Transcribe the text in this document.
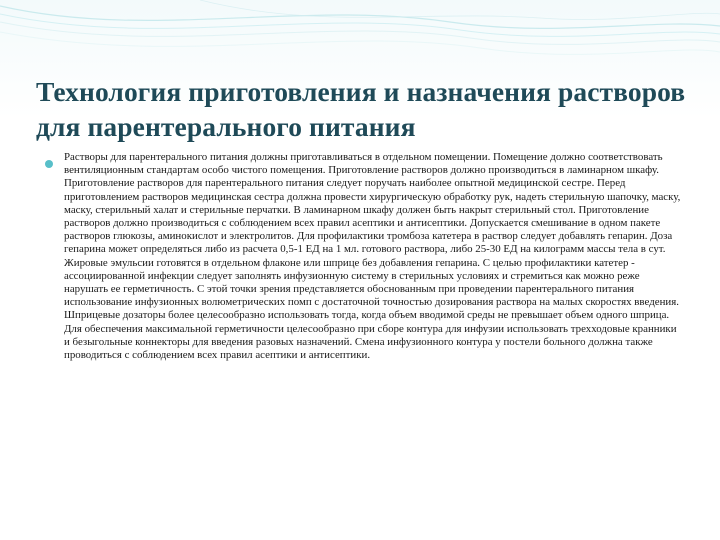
Технология приготовления и назначения растворов для парентерального питания

Растворы для парентерального питания должны приготавливаться в отдельном помещении. Помещение должно соответствовать вентиляционным стандартам особо чистого помещения. Приготовление растворов должно производиться в ламинарном шкафу. Приготовление растворов для парентерального питания следует поручать наиболее опытной медицинской сестре. Перед приготовлением растворов медицинская сестра должна провести хирургическую обработку рук, надеть стерильную шапочку, маску, маску, стерильный халат и стерильные перчатки. В ламинарном шкафу должен быть накрыт стерильный стол. Приготовление растворов должно производиться с соблюдением всех правил асептики и антисептики. Допускается смешивание в одном пакете растворов глюкозы, аминокислот и электролитов. Для профилактики тромбоза катетера в раствор следует добавлять гепарин. Доза гепарина может определяться либо из расчета 0,5-1 ЕД на 1 мл. готового раствора, либо 25-30 ЕД на килограмм массы тела в сут. Жировые эмульсии готовятся в отдельном флаконе или шприце без добавления гепарина. С целью профилактики катетер - ассоциированной инфекции следует заполнять инфузионную систему в стерильных условиях и стремиться как можно реже нарушать ее герметичность. С этой точки зрения представляется обоснованным при проведении парентерального питания использование инфузионных волюметрических помп с достаточной точностью дозирования раствора на малых скоростях введения. Шприцевые дозаторы более целесообразно использовать тогда, когда объем вводимой среды не превышает объем одного шприца. Для обеспечения максимальной герметичности целесообразно при сборе контура для инфузии использовать трехходовые кранники и безыгольные коннекторы для введения разовых назначений. Смена инфузионного контура у постели больного должна также проводиться с соблюдением всех правил асептики и антисептики.
